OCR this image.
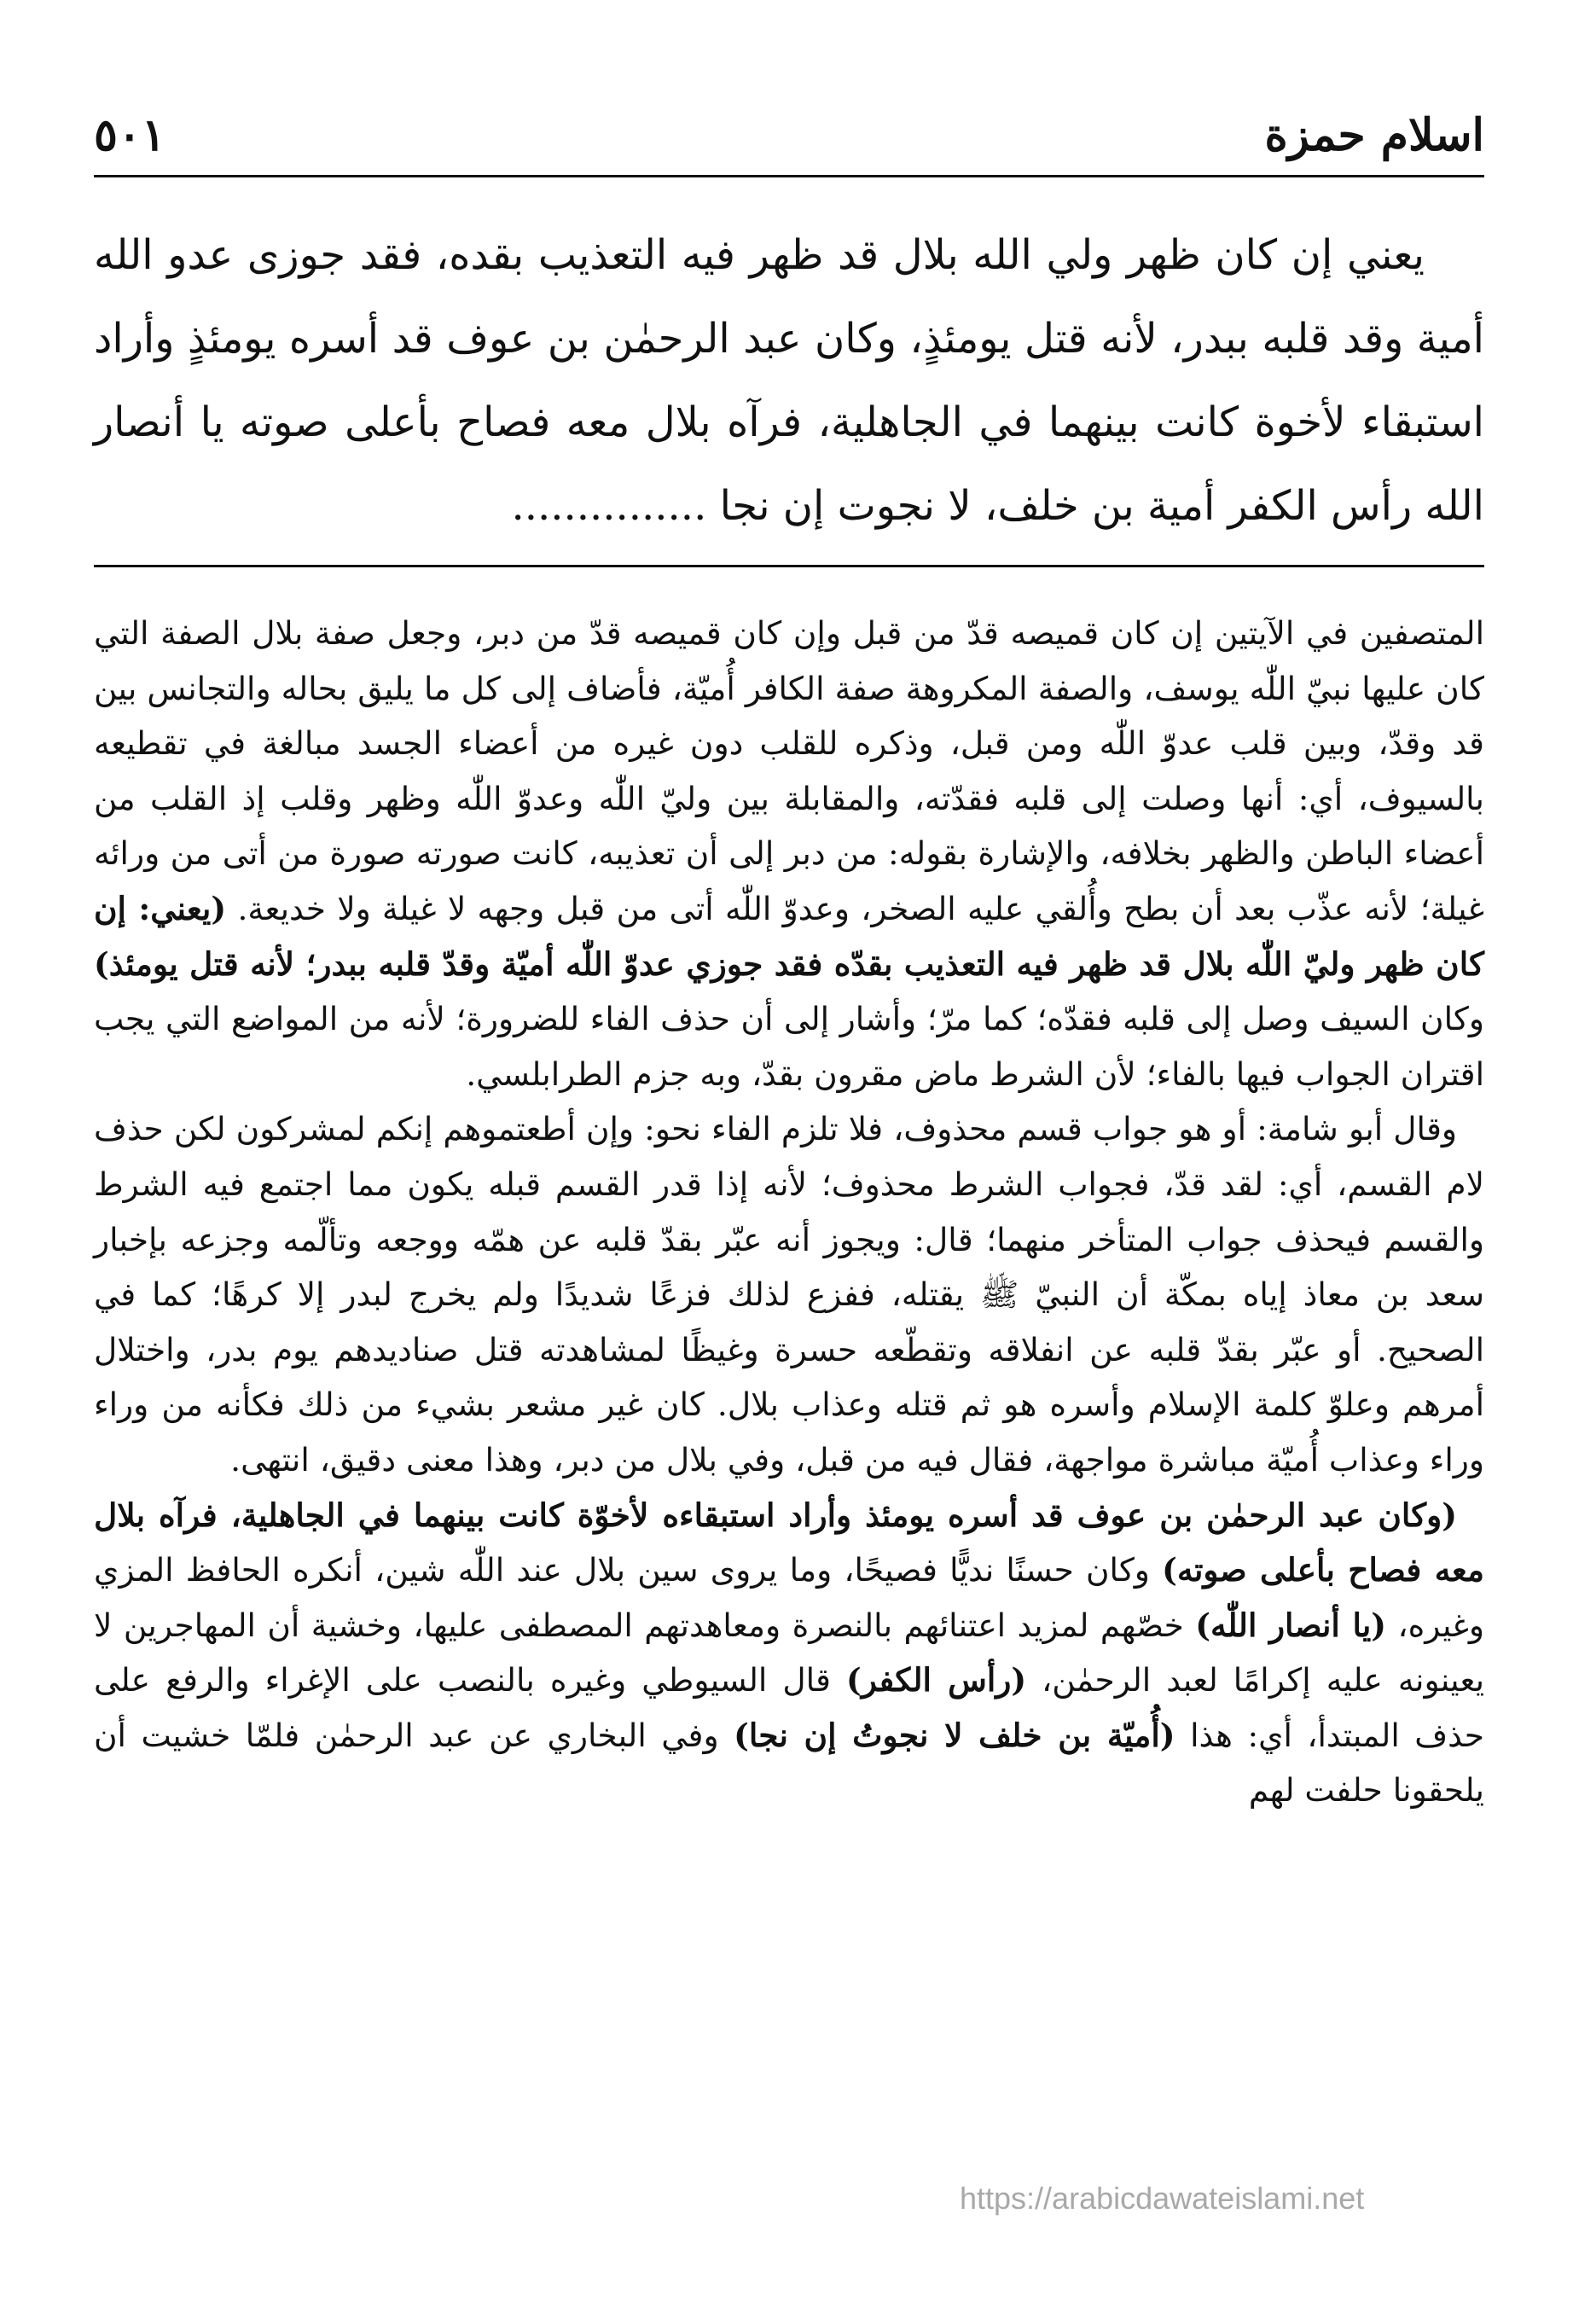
اسلام حمزة
٥٠١

يعني إن كان ظهر ولي الله بلال قد ظهر فيه التعذيب بقده، فقد جوزى عدو الله أمية وقد قلبه ببدر، لأنه قتل يومئذٍ، وكان عبد الرحمٰن بن عوف قد أسره يومئذٍ وأراد استبقاء لأخوة كانت بينهما في الجاهلية، فرآه بلال معه فصاح بأعلى صوته يا أنصار الله رأس الكفر أمية بن خلف، لا نجوت إن نجا ...............

المتصفين في الآيتين إن كان قميصه قدّ من قبل وإن كان قميصه قدّ من دبر، وجعل صفة بلال الصفة التي كان عليها نبيّ اللّٰه يوسف، والصفة المكروهة صفة الكافر أُميّة، فأضاف إلى كل ما يليق بحاله والتجانس بين قد وقدّ، وبين قلب عدوّ اللّٰه ومن قبل، وذكره للقلب دون غيره من أعضاء الجسد مبالغة في تقطيعه بالسيوف، أي: أنها وصلت إلى قلبه فقدّته، والمقابلة بين وليّ اللّٰه وعدوّ اللّٰه وظهر وقلب إذ القلب من أعضاء الباطن والظهر بخلافه، والإشارة بقوله: من دبر إلى أن تعذيبه، كانت صورته صورة من أتى من ورائه غيلة؛ لأنه عذّب بعد أن بطح وأُلقي عليه الصخر، وعدوّ اللّٰه أتى من قبل وجهه لا غيلة ولا خديعة. (يعني: إن كان ظهر وليّ اللّٰه بلال قد ظهر فيه التعذيب بقدّه فقد جوزي عدوّ اللّٰه أميّة وقدّ قلبه ببدر؛ لأنه قتل يومئذ) وكان السيف وصل إلى قلبه فقدّه؛ كما مرّ؛ وأشار إلى أن حذف الفاء للضرورة؛ لأنه من المواضع التي يجب اقتران الجواب فيها بالفاء؛ لأن الشرط ماض مقرون بقدّ، وبه جزم الطرابلسي.

وقال أبو شامة: أو هو جواب قسم محذوف، فلا تلزم الفاء نحو: وإن أطعتموهم إنكم لمشركون لكن حذف لام القسم، أي: لقد قدّ، فجواب الشرط محذوف؛ لأنه إذا قدر القسم قبله يكون مما اجتمع فيه الشرط والقسم فيحذف جواب المتأخر منهما؛ قال: ويجوز أنه عبّر بقدّ قلبه عن همّه ووجعه وتألّمه وجزعه بإخبار سعد بن معاذ إياه بمكّة أن النبيّ ﷺ يقتله، ففزع لذلك فزعًا شديدًا ولم يخرج لبدر إلا كرهًا؛ كما في الصحيح. أو عبّر بقدّ قلبه عن انفلاقه وتقطّعه حسرة وغيظًا لمشاهدته قتل صناديدهم يوم بدر، واختلال أمرهم وعلوّ كلمة الإسلام وأسره هو ثم قتله وعذاب بلال. كان غير مشعر بشيء من ذلك فكأنه من وراء وراء وعذاب أُميّة مباشرة مواجهة، فقال فيه من قبل، وفي بلال من دبر، وهذا معنى دقيق، انتهى.

(وكان عبد الرحمٰن بن عوف قد أسره يومئذ وأراد استبقاءه لأخوّة كانت بينهما في الجاهلية، فرآه بلال معه فصاح بأعلى صوته) وكان حسنًا نديًّا فصيحًا، وما يروى سين بلال عند اللّٰه شين، أنكره الحافظ المزي وغيره، (يا أنصار اللّٰه) خصّهم لمزيد اعتنائهم بالنصرة ومعاهدتهم المصطفى عليها، وخشية أن المهاجرين لا يعينونه عليه إكرامًا لعبد الرحمٰن، (رأس الكفر) قال السيوطي وغيره بالنصب على الإغراء والرفع على حذف المبتدأ، أي: هذا (أُميّة بن خلف لا نجوتُ إن نجا) وفي البخاري عن عبد الرحمٰن فلمّا خشيت أن يلحقونا حلفت لهم

https://arabicdawateislami.net
